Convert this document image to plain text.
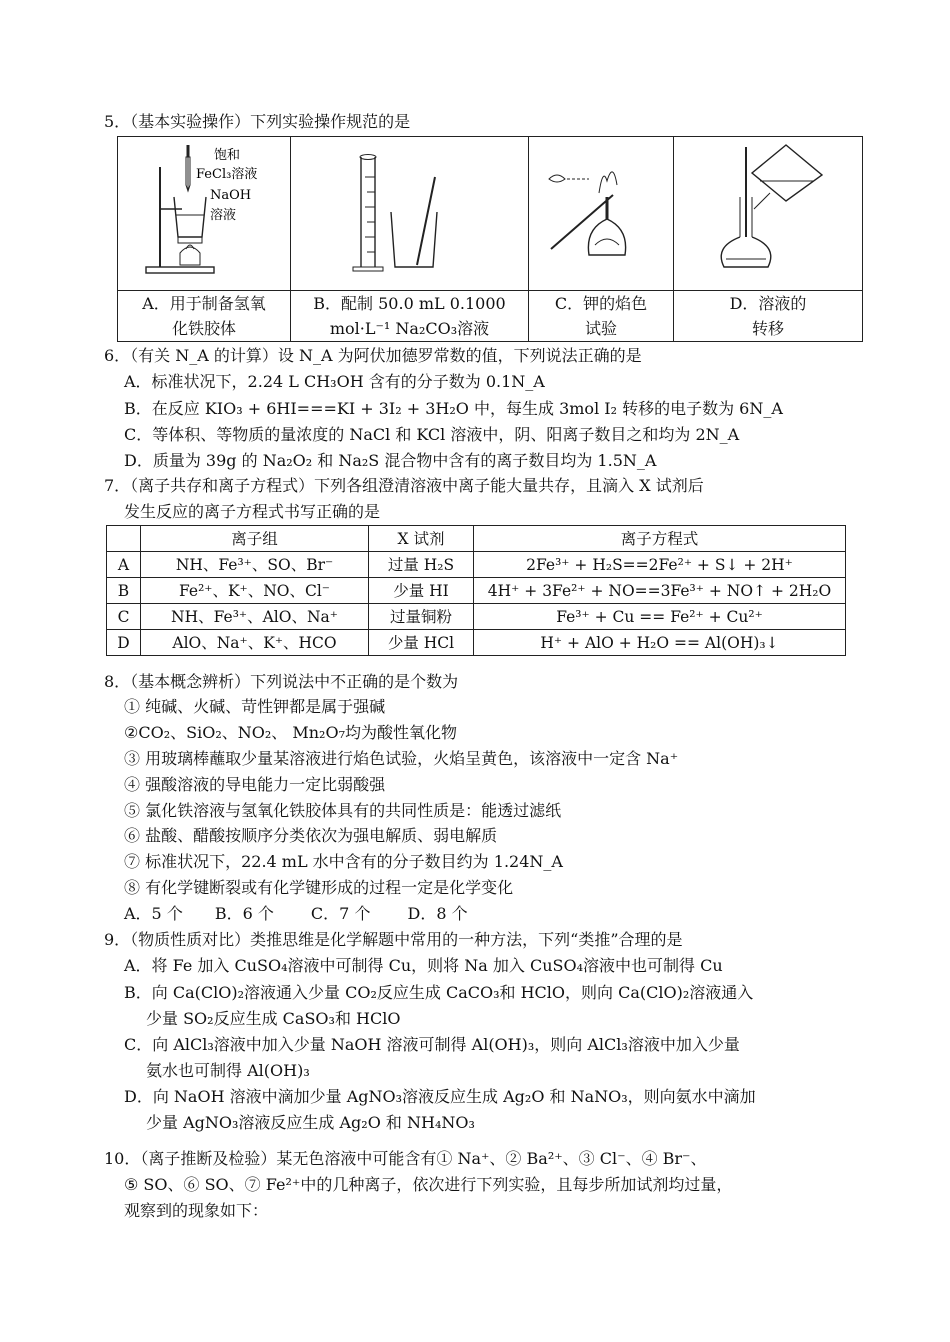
5．（基本实验操作）下列实验操作规范的是
饱和
FeCl₃溶液
NaOH
溶液

A．用于制备氢氧
化铁胶体	B．配制 50.0 mL 0.1000
mol·L⁻¹ Na₂CO₃溶液	C．钾的焰色
试验	D．溶液的
转移
6．（有关 N_A 的计算）设 N_A 为阿伏加德罗常数的值，下列说法正确的是
A．标准状况下，2.24 L CH₃OH 含有的分子数为 0.1N_A
B．在反应 KIO₃ + 6HI===KI + 3I₂ + 3H₂O 中，每生成 3mol I₂ 转移的电子数为 6N_A
C．等体积、等物质的量浓度的 NaCl 和 KCl 溶液中，阴、阳离子数目之和均为 2N_A
D．质量为 39g 的 Na₂O₂ 和 Na₂S 混合物中含有的离子数目均为 1.5N_A
7．（离子共存和离子方程式）下列各组澄清溶液中离子能大量共存，且滴入 X 试剂后
发生反应的离子方程式书写正确的是
	离子组	X 试剂	离子方程式
A	NH、Fe³⁺、SO、Br⁻	过量 H₂S	2Fe³⁺ + H₂S==2Fe²⁺ + S↓ + 2H⁺
B	Fe²⁺、K⁺、NO、Cl⁻	少量 HI	4H⁺ + 3Fe²⁺ + NO==3Fe³⁺ + NO↑ + 2H₂O
C	NH、Fe³⁺、AlO、Na⁺	过量铜粉	Fe³⁺ + Cu == Fe²⁺ + Cu²⁺
D	AlO、Na⁺、K⁺、HCO	少量 HCl	H⁺ + AlO + H₂O == Al(OH)₃↓
8．（基本概念辨析）下列说法中不正确的是个数为
① 纯碱、火碱、苛性钾都是属于强碱
②CO₂、SiO₂、NO₂、 Mn₂O₇均为酸性氧化物
③ 用玻璃棒蘸取少量某溶液进行焰色试验，火焰呈黄色，该溶液中一定含 Na⁺
④ 强酸溶液的导电能力一定比弱酸强
⑤ 氯化铁溶液与氢氧化铁胶体具有的共同性质是：能透过滤纸
⑥ 盐酸、醋酸按顺序分类依次为强电解质、弱电解质
⑦ 标准状况下，22.4 mL 水中含有的分子数目约为 1.24N_A
⑧ 有化学键断裂或有化学键形成的过程一定是化学变化
A．5 个　　B．6 个　　 C．7 个　　 D．8 个
9．（物质性质对比）类推思维是化学解题中常用的一种方法，下列“类推”合理的是
A．将 Fe 加入 CuSO₄溶液中可制得 Cu，则将 Na 加入 CuSO₄溶液中也可制得 Cu
B．向 Ca(ClO)₂溶液通入少量 CO₂反应生成 CaCO₃和 HClO，则向 Ca(ClO)₂溶液通入
少量 SO₂反应生成 CaSO₃和 HClO
C．向 AlCl₃溶液中加入少量 NaOH 溶液可制得 Al(OH)₃，则向 AlCl₃溶液中加入少量
氨水也可制得 Al(OH)₃
D．向 NaOH 溶液中滴加少量 AgNO₃溶液反应生成 Ag₂O 和 NaNO₃，则向氨水中滴加
少量 AgNO₃溶液反应生成 Ag₂O 和 NH₄NO₃
10．（离子推断及检验）某无色溶液中可能含有① Na⁺、② Ba²⁺、③ Cl⁻、④ Br⁻、
⑤ SO、⑥ SO、⑦ Fe²⁺中的几种离子，依次进行下列实验，且每步所加试剂均过量，
观察到的现象如下：
